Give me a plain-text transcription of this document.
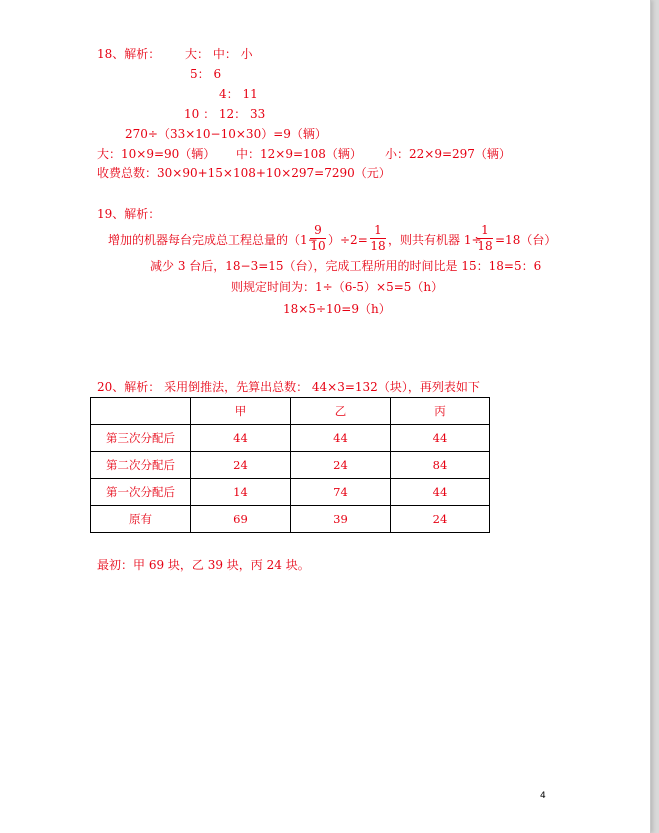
18、解析： 大： 中： 小
5： 6
4： 11
10 ： 12： 33
270÷（33×10−10×30）=9（辆）
大：10×9=90（辆） 中：12×9=108（辆） 小：22×9=297（辆）
收费总数：30×90+15×108+10×297=7290（元）
19、解析：
增加的机器每台完成总工程总量的（1−
9
10 ）÷2=
1
18 ，则共有机器 1÷
1
18 =18（台）
减少 3 台后，18−3=15（台），完成工程所用的时间比是 15：18=5：6
则规定时间为：1÷（6-5）×5=5（h）
18×5÷10=9（h）
20、解析： 采用倒推法，先算出总数： 44×3=132（块），再列表如下
	甲	乙	丙
第三次分配后	44	44	44
第二次分配后	24	24	84
第一次分配后	14	74	44
原有	69	39	24
最初：甲 69 块，乙 39 块，丙 24 块。
4
